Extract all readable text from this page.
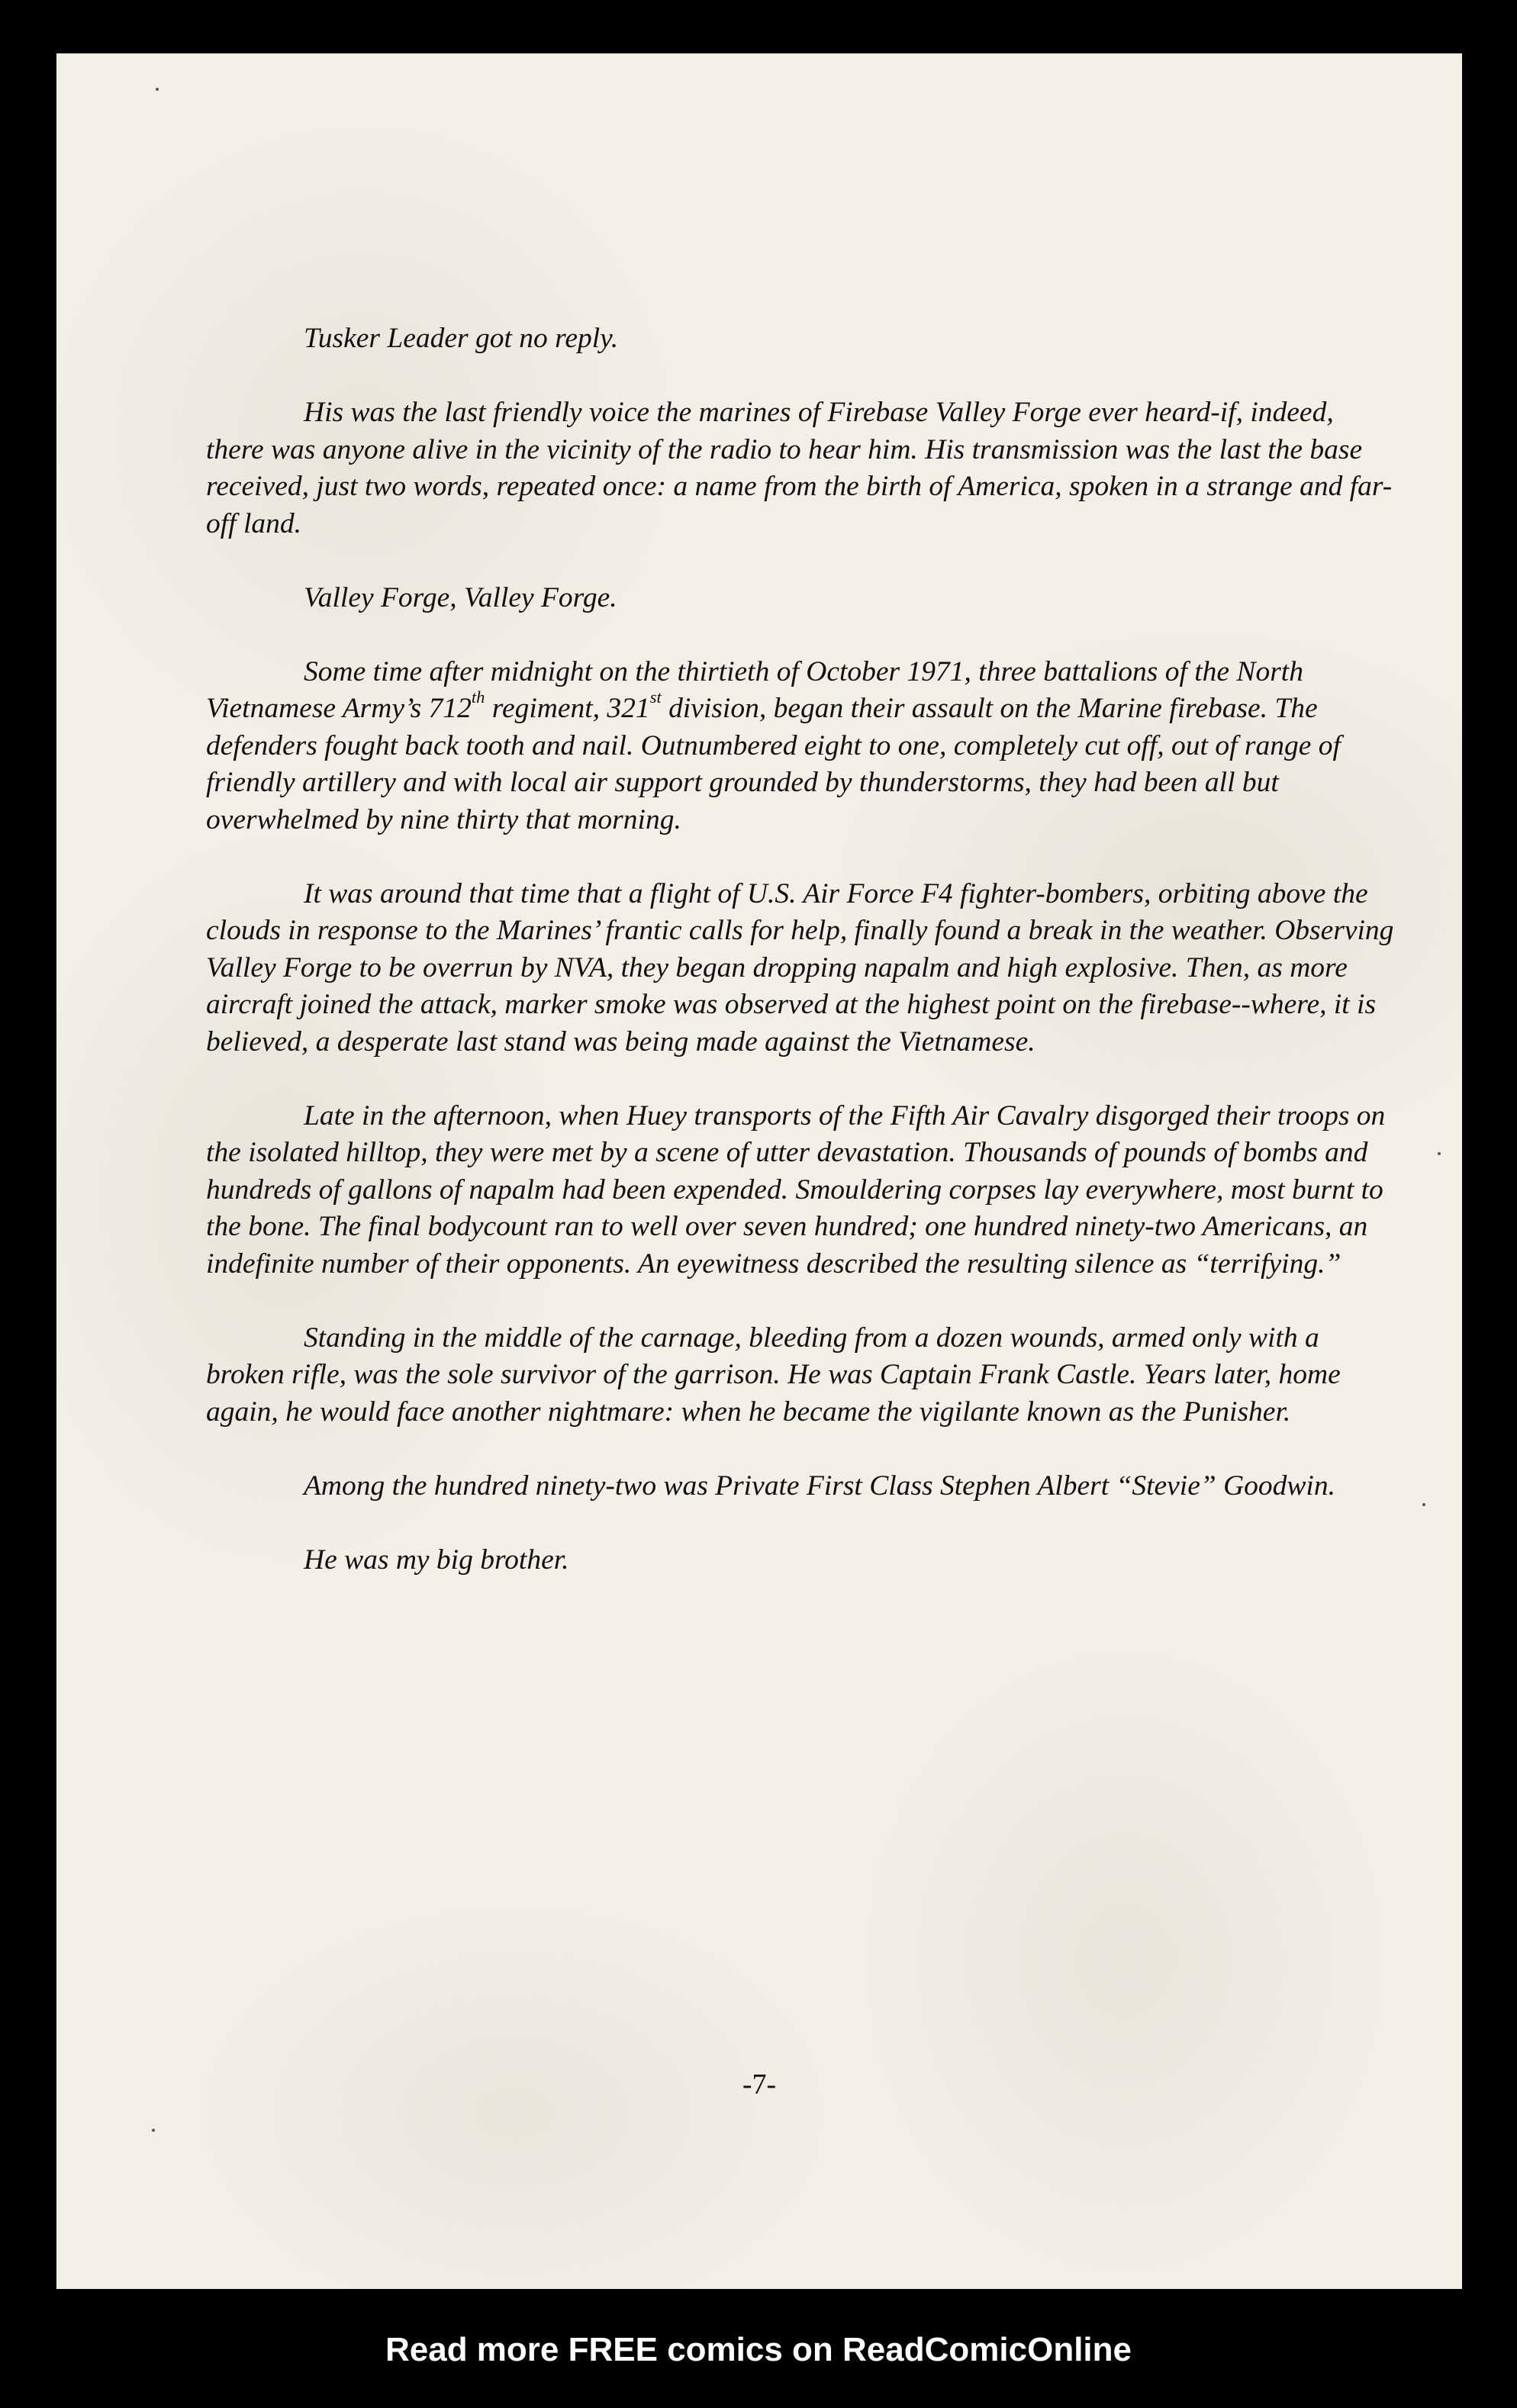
Tusker Leader got no reply.

His was the last friendly voice the marines of Firebase Valley Forge ever heard-if, indeed, there was anyone alive in the vicinity of the radio to hear him. His transmission was the last the base received, just two words, repeated once: a name from the birth of America, spoken in a strange and far-off land.

Valley Forge, Valley Forge.

Some time after midnight on the thirtieth of October 1971, three battalions of the North Vietnamese Army’s 712th regiment, 321st division, began their assault on the Marine firebase. The defenders fought back tooth and nail. Outnumbered eight to one, completely cut off, out of range of friendly artillery and with local air support grounded by thunderstorms, they had been all but overwhelmed by nine thirty that morning.

It was around that time that a flight of U.S. Air Force F4 fighter-bombers, orbiting above the clouds in response to the Marines’ frantic calls for help, finally found a break in the weather. Observing Valley Forge to be overrun by NVA, they began dropping napalm and high explosive. Then, as more aircraft joined the attack, marker smoke was observed at the highest point on the firebase--where, it is believed, a desperate last stand was being made against the Vietnamese.

Late in the afternoon, when Huey transports of the Fifth Air Cavalry disgorged their troops on the isolated hilltop, they were met by a scene of utter devastation. Thousands of pounds of bombs and hundreds of gallons of napalm had been expended. Smouldering corpses lay everywhere, most burnt to the bone. The final bodycount ran to well over seven hundred; one hundred ninety-two Americans, an indefinite number of their opponents. An eyewitness described the resulting silence as “terrifying.”

Standing in the middle of the carnage, bleeding from a dozen wounds, armed only with a broken rifle, was the sole survivor of the garrison. He was Captain Frank Castle. Years later, home again, he would face another nightmare: when he became the vigilante known as the Punisher.

Among the hundred ninety-two was Private First Class Stephen Albert “Stevie” Goodwin.

He was my big brother.

-7-
Read more FREE comics on ReadComicOnline
